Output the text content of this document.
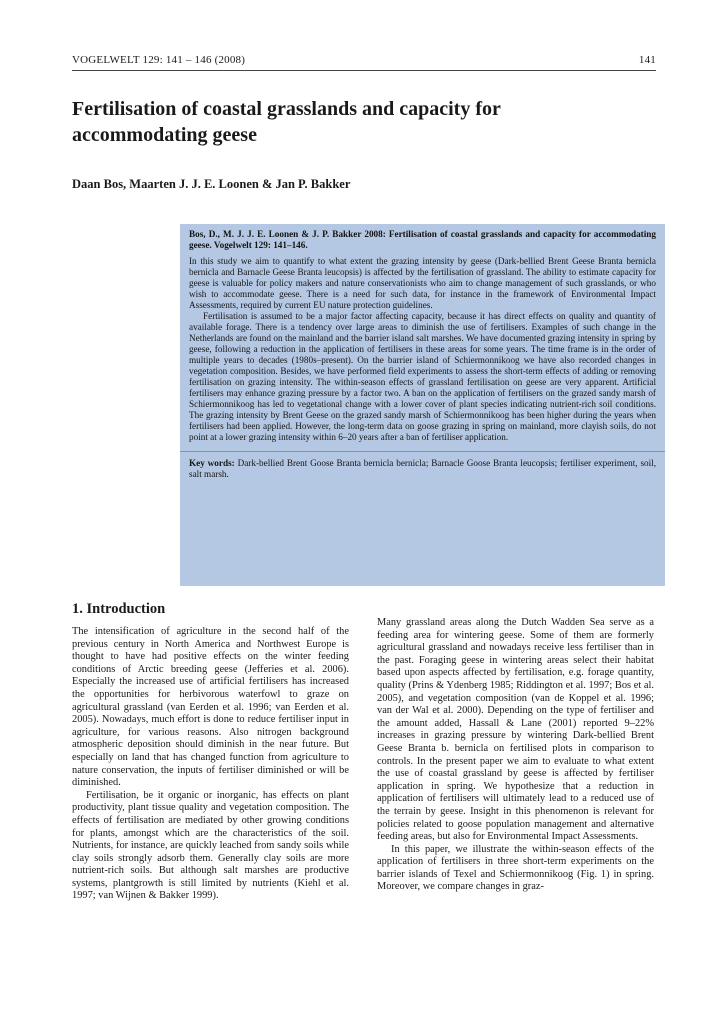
VOGELWELT 129: 141 – 146 (2008)	141
Fertilisation of coastal grasslands and capacity for accommodating geese

Daan Bos, Maarten J. J. E. Loonen & Jan P. Bakker

Bos, D., M. J. J. E. Loonen & J. P. Bakker 2008: Fertilisation of coastal grasslands and capacity for accommodating geese. Vogelwelt 129: 141–146.

In this study we aim to quantify to what extent the grazing intensity by geese (Dark-bellied Brent Geese Branta bernicla bernicla and Barnacle Geese Branta leucopsis) is affected by the fertilisation of grassland. The ability to estimate capacity for geese is valuable for policy makers and nature conservationists who aim to change management of such grasslands, or who wish to accommodate geese. There is a need for such data, for instance in the framework of Environmental Impact Assessments, required by current EU nature protection guidelines.

Fertilisation is assumed to be a major factor affecting capacity, because it has direct effects on quality and quantity of available forage. There is a tendency over large areas to diminish the use of fertilisers. Examples of such change in the Netherlands are found on the mainland and the barrier island salt marshes. We have documented grazing intensity in spring by geese, following a reduction in the application of fertilisers in these areas for some years. The time frame is in the order of multiple years to decades (1980s–present). On the barrier island of Schiermonnikoog we have also recorded changes in vegetation composition. Besides, we have performed field experiments to assess the short-term effects of adding or removing fertilisation on grazing intensity. The within-season effects of grassland fertilisation on geese are very apparent. Artificial fertilisers may enhance grazing pressure by a factor two. A ban on the application of fertilisers on the grazed sandy marsh of Schiermonnikoog has led to vegetational change with a lower cover of plant species indicating nutrient-rich soil conditions. The grazing intensity by Brent Geese on the grazed sandy marsh of Schiermonnikoog has been higher during the years when fertilisers had been applied. However, the long-term data on goose grazing in spring on mainland, more clayish soils, do not point at a lower grazing intensity within 6–20 years after a ban of fertiliser application.

Key words: Dark-bellied Brent Goose Branta bernicla bernicla; Barnacle Goose Branta leucopsis; fertiliser experiment, soil, salt marsh.

1. Introduction

The intensification of agriculture in the second half of the previous century in North America and Northwest Europe is thought to have had positive effects on the winter feeding conditions of Arctic breeding geese (Jefferies et al. 2006). Especially the increased use of artificial fertilisers has increased the opportunities for herbivorous waterfowl to graze on agricultural grassland (van Eerden et al. 1996; van Eerden et al. 2005). Nowadays, much effort is done to reduce fertiliser input in agriculture, for various reasons. Also nitrogen background atmospheric deposition should diminish in the near future. But especially on land that has changed function from agriculture to nature conservation, the inputs of fertiliser diminished or will be diminished.

Fertilisation, be it organic or inorganic, has effects on plant productivity, plant tissue quality and vegetation composition. The effects of fertilisation are mediated by other growing conditions for plants, amongst which are the characteristics of the soil. Nutrients, for instance, are quickly leached from sandy soils while clay soils strongly adsorb them. Generally clay soils are more nutrient-rich soils. But although salt marshes are productive systems, plantgrowth is still limited by nutrients (Kiehl et al. 1997; van Wijnen & Bakker 1999).

Many grassland areas along the Dutch Wadden Sea serve as a feeding area for wintering geese. Some of them are formerly agricultural grassland and nowadays receive less fertiliser than in the past. Foraging geese in wintering areas select their habitat based upon aspects affected by fertilisation, e.g. forage quantity, quality (Prins & Ydenberg 1985; Riddington et al. 1997; Bos et al. 2005), and vegetation composition (van de Koppel et al. 1996; van der Wal et al. 2000). Depending on the type of fertiliser and the amount added, Hassall & Lane (2001) reported 9–22% increases in grazing pressure by wintering Dark-bellied Brent Geese Branta b. bernicla on fertilised plots in comparison to controls. In the present paper we aim to evaluate to what extent the use of coastal grassland by geese is affected by fertiliser application in spring. We hypothesize that a reduction in application of fertilisers will ultimately lead to a reduced use of the terrain by geese. Insight in this phenomenon is relevant for policies related to goose population management and alternative feeding areas, but also for Environmental Impact Assessments.

In this paper, we illustrate the within-season effects of the application of fertilisers in three short-term experiments on the barrier islands of Texel and Schiermonnikoog (Fig. 1) in spring. Moreover, we compare changes in graz-
